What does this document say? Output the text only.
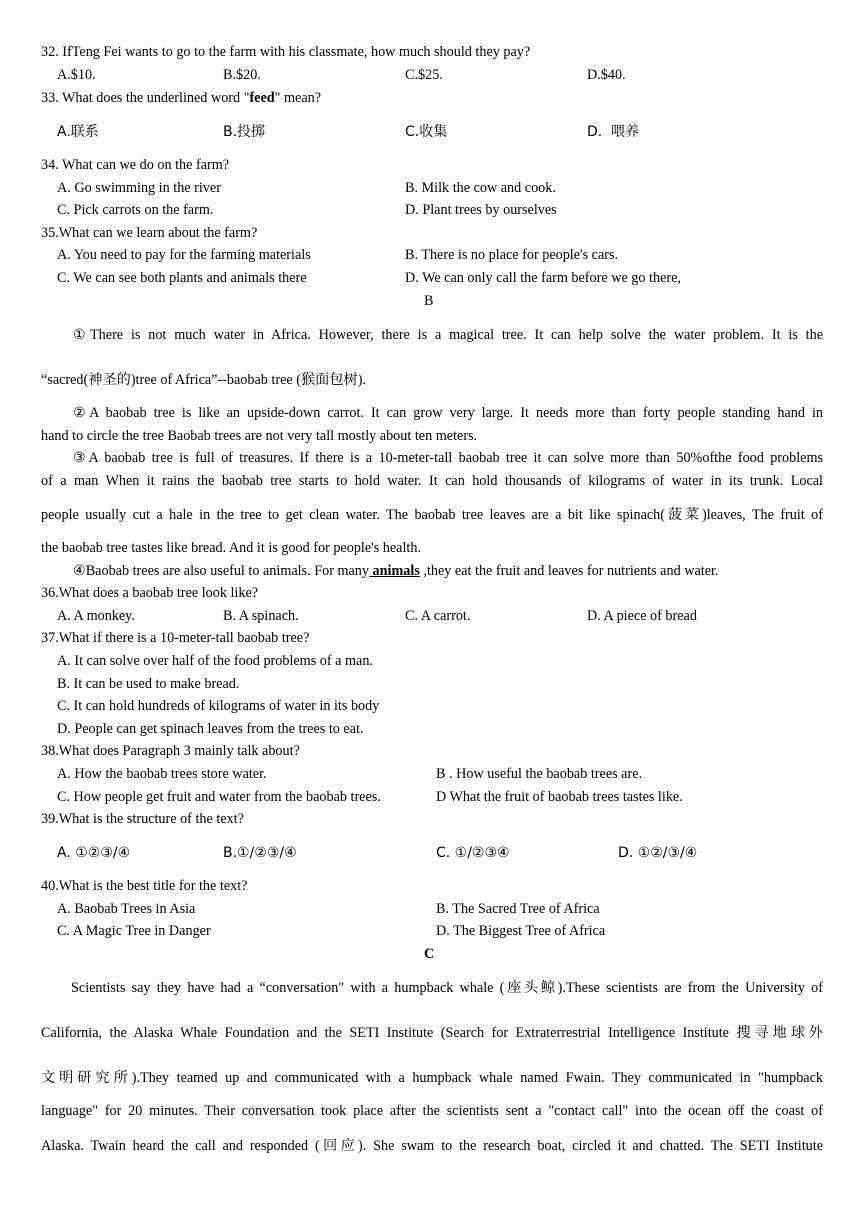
32. IfTeng Fei wants to go to the farm with his classmate, how much should they pay?
A.$10.	B.$20.	C.$25.	D.$40.
33. What does the underlined word "feed" mean?
A.联系	B.投掷	C.收集	D.  喂养
34. What can we do on the farm?
A. Go swimming in the river	B. Milk the cow and cook.
C. Pick carrots on the farm.	D. Plant trees by ourselves
35.What can we learn about the farm?
A. You need to pay for the farming materials	B. There is no place for people's cars.
C. We can see both plants and animals there	D. We can only call the farm before we go there,
B
①There is not much water in Africa. However, there is a magical tree. It can help solve the water problem. It is the
“sacred(神圣的)tree of Africa”--baobab tree (猴面包树).
②A baobab tree is like an upside-down carrot. It can grow very large. It needs more than forty people standing hand in
hand to circle the tree Baobab trees are not very tall mostly about ten meters.
③A baobab tree is full of treasures. If there is a 10-meter-tall baobab tree it can solve more than 50%ofthe food problems
of a man When it rains the baobab tree starts to hold water. It can hold thousands of kilograms of water in its trunk. Local
people usually cut a hale in the tree to get clean water. The baobab tree leaves are a bit like spinach(菠菜)leaves, The fruit of
the baobab tree tastes like bread. And it is good for people's health.
④Baobab trees are also useful to animals. For many animals ,they eat the fruit and leaves for nutrients and water.
36.What does a baobab tree look like?
A. A monkey.	B. A spinach.	C. A carrot.	D. A piece of bread
37.What if there is a 10-meter-tall baobab tree?
A. It can solve over half of the food problems of a man.
B. It can be used to make bread.
C. It can hold hundreds of kilograms of water in its body
D. People can get spinach leaves from the trees to eat.
38.What does Paragraph 3 mainly talk about?
A. How the baobab trees store water.	B . How useful the baobab trees are.
C. How people get fruit and water from the baobab trees.	D What the fruit of baobab trees tastes like.
39.What is the structure of the text?
A. ①②③/④	B.①/②③/④	C. ①/②③④	D. ①②/③/④
40.What is the best title for the text?
A. Baobab Trees in Asia	B. The Sacred Tree of Africa
C. A Magic Tree in Danger	D. The Biggest Tree of Africa
C
Scientists say they have had a “conversation" with a humpback whale (座头鲸).These scientists are from the University of
California, the Alaska Whale Foundation and the SETI Institute (Search for Extraterrestrial Intelligence Institute 搜寻地球外
文明研究所).They teamed up and communicated with a humpback whale named Fwain. They communicated in "humpback
language" for 20 minutes. Their conversation took place after the scientists sent a "contact call" into the ocean off the coast of
Alaska. Twain heard the call and responded (回应). She swam to the research boat, circled it and chatted. The SETI Institute
